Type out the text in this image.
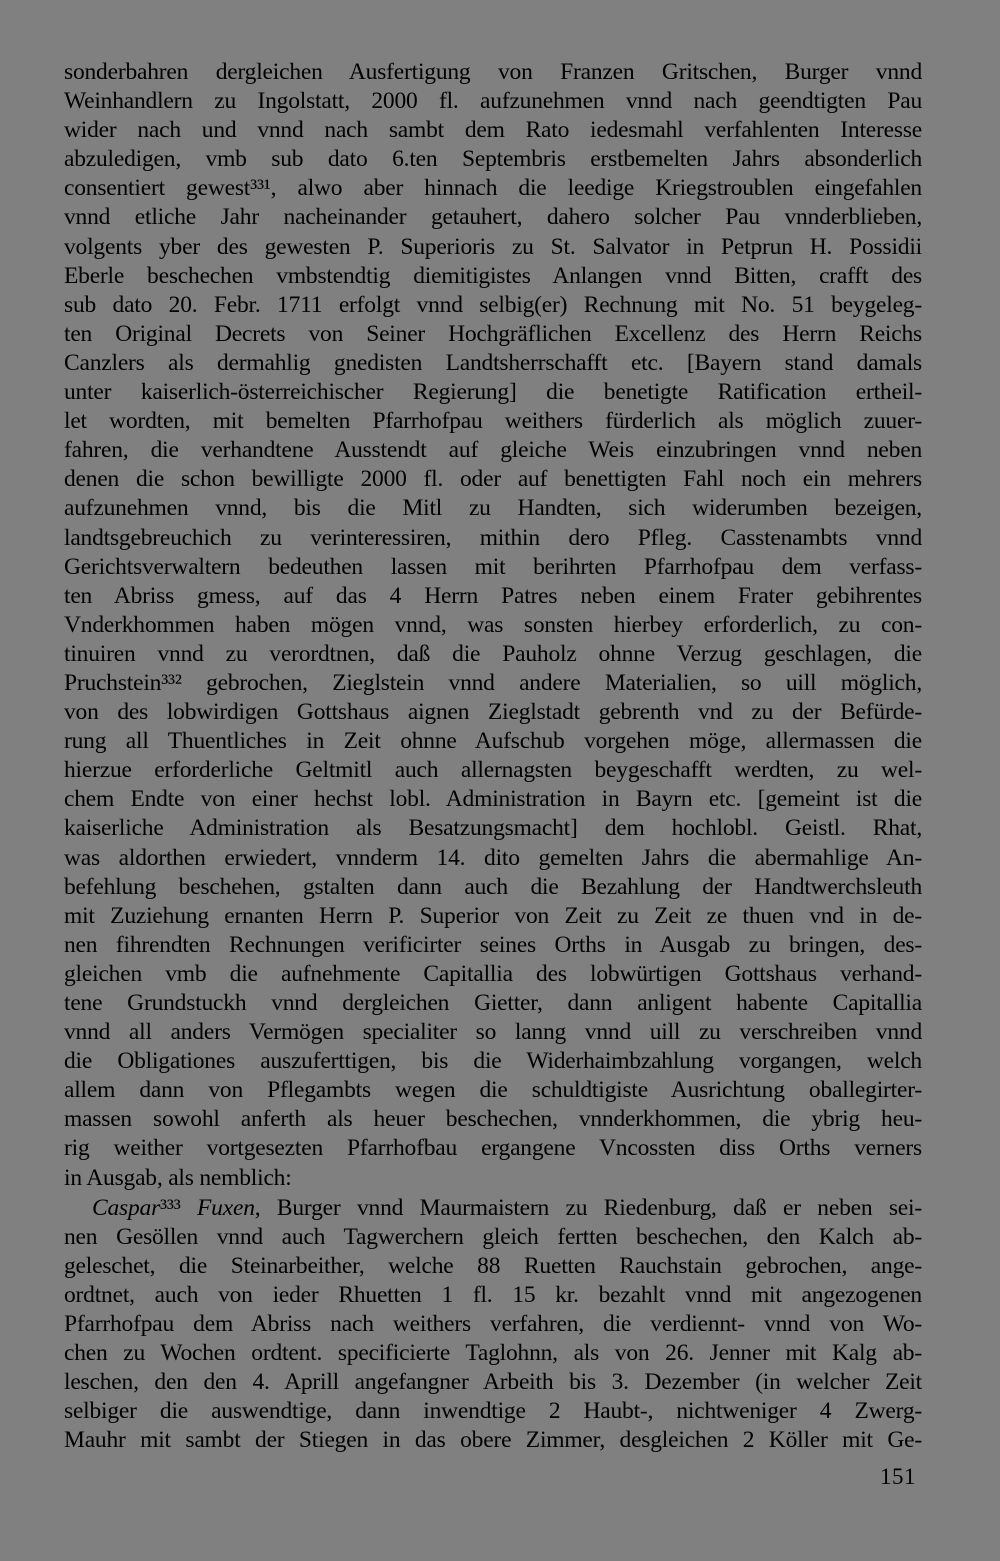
sonderbahren dergleichen Ausfertigung von Franzen Gritschen, Burger vnnd
Weinhandlern zu Ingolstatt, 2000 fl. aufzunehmen vnnd nach geendtigten Pau
wider nach und vnnd nach sambt dem Rato iedesmahl verfahlenten Interesse
abzuledigen, vmb sub dato 6.ten Septembris erstbemelten Jahrs absonderlich
consentiert gewest³³¹, alwo aber hinnach die leedige Kriegstroublen eingefahlen
vnnd etliche Jahr nacheinander getauhert, dahero solcher Pau vnnderblieben,
volgents yber des gewesten P. Superioris zu St. Salvator in Petprun H. Possidii
Eberle beschechen vmbstendtig diemitigistes Anlangen vnnd Bitten, crafft des
sub dato 20. Febr. 1711 erfolgt vnnd selbig(er) Rechnung mit No. 51 beygeleg-
ten Original Decrets von Seiner Hochgräflichen Excellenz des Herrn Reichs
Canzlers als dermahlig gnedisten Landtsherrschafft etc. [Bayern stand damals
unter kaiserlich-österreichischer Regierung] die benetigte Ratification ertheil-
let wordten, mit bemelten Pfarrhofpau weithers fürderlich als möglich zuuer-
fahren, die verhandtene Ausstendt auf gleiche Weis einzubringen vnnd neben
denen die schon bewilligte 2000 fl. oder auf benettigten Fahl noch ein mehrers
aufzunehmen vnnd, bis die Mitl zu Handten, sich widerumben bezeigen,
landtsgebreuchich zu verinteressiren, mithin dero Pfleg. Casstenambts vnnd
Gerichtsverwaltern bedeuthen lassen mit berihrten Pfarrhofpau dem verfass-
ten Abriss gmess, auf das 4 Herrn Patres neben einem Frater gebihrentes
Vnderkhommen haben mögen vnnd, was sonsten hierbey erforderlich, zu con-
tinuiren vnnd zu verordtnen, daß die Pauholz ohnne Verzug geschlagen, die
Pruchstein³³² gebrochen, Zieglstein vnnd andere Materialien, so uill möglich,
von des lobwirdigen Gottshaus aignen Zieglstadt gebrenth vnd zu der Befürde-
rung all Thuentliches in Zeit ohnne Aufschub vorgehen möge, allermassen die
hierzue erforderliche Geltmitl auch allernagsten beygeschafft werdten, zu wel-
chem Endte von einer hechst lobl. Administration in Bayrn etc. [gemeint ist die
kaiserliche Administration als Besatzungsmacht] dem hochlobl. Geistl. Rhat,
was aldorthen erwiedert, vnnderm 14. dito gemelten Jahrs die abermahlige An-
befehlung beschehen, gstalten dann auch die Bezahlung der Handtwerchsleuth
mit Zuziehung ernanten Herrn P. Superior von Zeit zu Zeit ze thuen vnd in de-
nen fihrendten Rechnungen verificirter seines Orths in Ausgab zu bringen, des-
gleichen vmb die aufnehmente Capitallia des lobwürtigen Gottshaus verhand-
tene Grundstuckh vnnd dergleichen Gietter, dann anligent habente Capitallia
vnnd all anders Vermögen specialiter so lanng vnnd uill zu verschreiben vnnd
die Obligationes auszuferttigen, bis die Widerhaimbzahlung vorgangen, welch
allem dann von Pflegambts wegen die schuldtigiste Ausrichtung oballegirter-
massen sowohl anferth als heuer beschechen, vnnderkhommen, die ybrig heu-
rig weither vortgesezten Pfarrhofbau ergangene Vncossten diss Orths verners
in Ausgab, als nemblich:
Caspar³³³ Fuxen, Burger vnnd Maurmaistern zu Riedenburg, daß er neben sei-
nen Gesöllen vnnd auch Tagwerchern gleich fertten beschechen, den Kalch ab-
geleschet, die Steinarbeither, welche 88 Ruetten Rauchstain gebrochen, ange-
ordtnet, auch von ieder Rhuetten 1 fl. 15 kr. bezahlt vnnd mit angezogenen
Pfarrhofpau dem Abriss nach weithers verfahren, die verdiennt- vnnd von Wo-
chen zu Wochen ordtent. specificierte Taglohnn, als von 26. Jenner mit Kalg ab-
leschen, den den 4. Aprill angefangner Arbeith bis 3. Dezember (in welcher Zeit
selbiger die auswendtige, dann inwendtige 2 Haubt-, nichtweniger 4 Zwerg-
Mauhr mit sambt der Stiegen in das obere Zimmer, desgleichen 2 Köller mit Ge-
151
